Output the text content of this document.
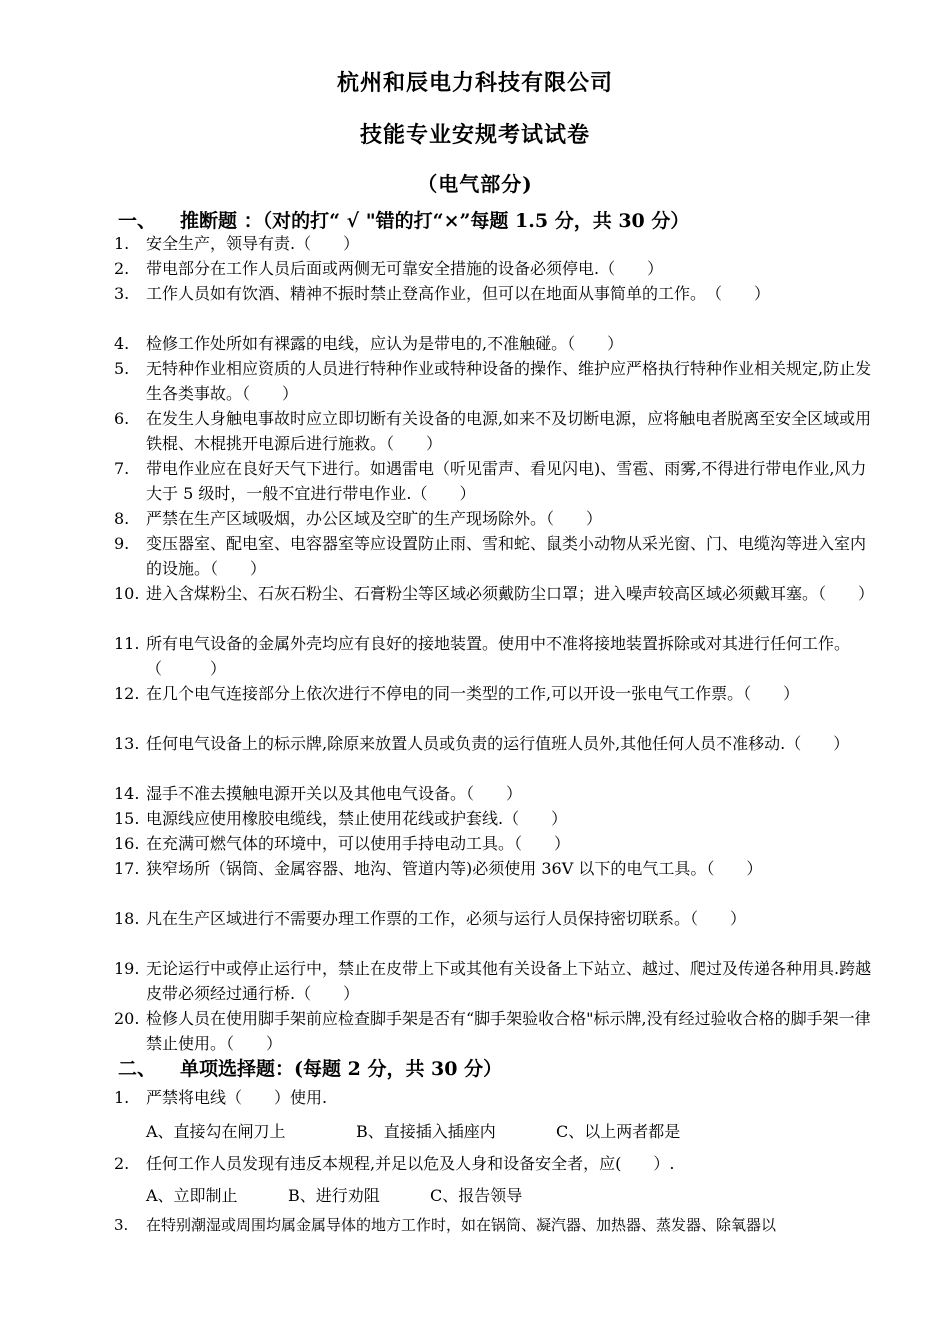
杭州和辰电力科技有限公司
技能专业安规考试试卷
（电气部分)
一、 推断题 ：（对的打“ √ "错的打“×”每题 1.5 分，共 30 分）
1.	安全生产，领导有责.（　　）
2.	带电部分在工作人员后面或两侧无可靠安全措施的设备必须停电.（　　）
3.	工作人员如有饮酒、精神不振时禁止登高作业，但可以在地面从事简单的工作。　（　　）
4.	检修工作处所如有裸露的电线，应认为是带电的,不准触碰。（　　）
5.	无特种作业相应资质的人员进行特种作业或特种设备的操作、维护应严格执行特种作业相关规定,防止发生各类事故。（　　）
6.	在发生人身触电事故时应立即切断有关设备的电源,如来不及切断电源，应将触电者脱离至安全区域或用铁棍、木棍挑开电源后进行施救。（　　）
7.	带电作业应在良好天气下进行。如遇雷电（听见雷声、看见闪电)、雪雹、雨雾,不得进行带电作业,风力大于 5 级时，一般不宜进行带电作业.（　　）
8.	严禁在生产区域吸烟，办公区域及空旷的生产现场除外。（　　）
9.	变压器室、配电室、电容器室等应设置防止雨、雪和蛇、鼠类小动物从采光窗、门、电缆沟等进入室内的设施。（　　）
10. 进入含煤粉尘、石灰石粉尘、石膏粉尘等区域必须戴防尘口罩；进入噪声较高区域必须戴耳塞。（　　）
11. 所有电气设备的金属外壳均应有良好的接地装置。使用中不准将接地装置拆除或对其进行任何工作。（　　　）
12. 在几个电气连接部分上依次进行不停电的同一类型的工作,可以开设一张电气工作票。（　　）
13. 任何电气设备上的标示牌,除原来放置人员或负责的运行值班人员外,其他任何人员不准移动.（　　）
14. 湿手不准去摸触电源开关以及其他电气设备。（　　）
15. 电源线应使用橡胶电缆线，禁止使用花线或护套线.（　　）
16. 在充满可燃气体的环境中，可以使用手持电动工具。（　　）
17. 狭窄场所（锅筒、金属容器、地沟、管道内等)必须使用 36V 以下的电气工具。（　　）
18. 凡在生产区域进行不需要办理工作票的工作，必须与运行人员保持密切联系。（　　）
19. 无论运行中或停止运行中，禁止在皮带上下或其他有关设备上下站立、越过、爬过及传递各种用具.跨越皮带必须经过通行桥.（　　）
20. 检修人员在使用脚手架前应检查脚手架是否有“脚手架验收合格"标示牌,没有经过验收合格的脚手架一律禁止使用。（　　）
二、 单项选择题：(每题 2 分，共 30 分）
1.	严禁将电线（　　）使用.
A、直接勾在闸刀上	B、直接插入插座内	C、以上两者都是
2.	任何工作人员发现有违反本规程,并足以危及人身和设备安全者，应(　　）.
A、立即制止	B、进行劝阻	C、报告领导
3.	在特别潮湿或周围均属金属导体的地方工作时，如在锅筒、凝汽器、加热器、蒸发器、除氧器以
